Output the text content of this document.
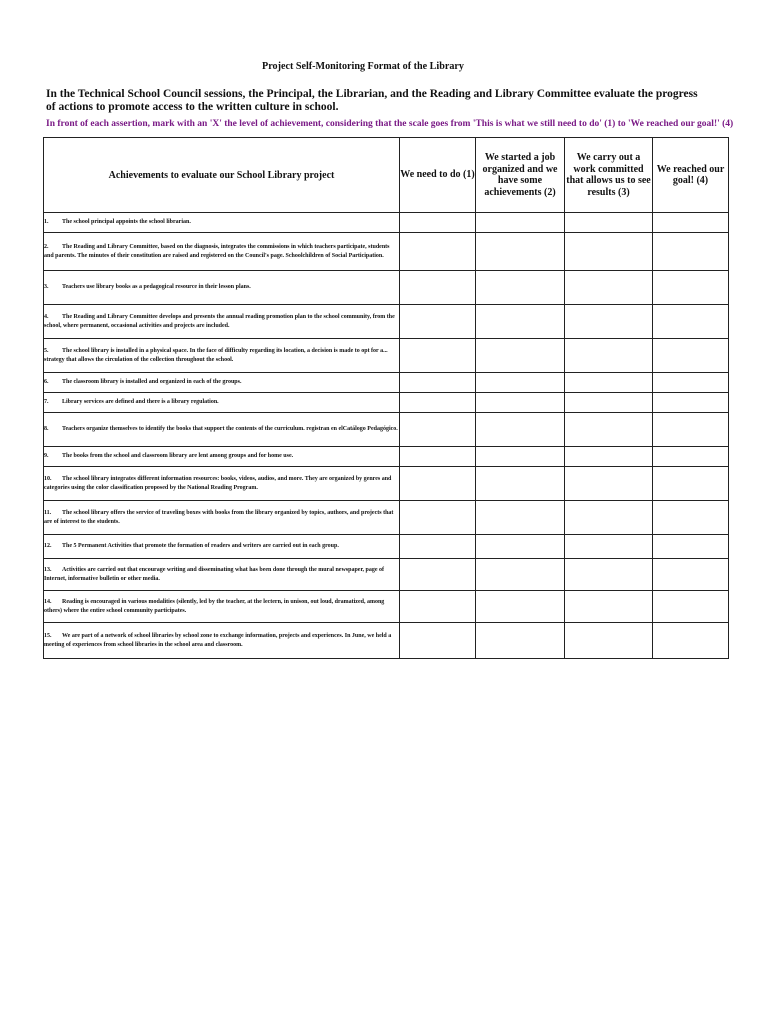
Project Self-Monitoring Format of the Library
In the Technical School Council sessions, the Principal, the Librarian, and the Reading and Library Committee evaluate the progress of actions to promote access to the written culture in school.
In front of each assertion, mark with an 'X' the level of achievement, considering that the scale goes from 'This is what we still need to do' (1) to 'We reached our goal!' (4)
Achievements to evaluate our School Library project	We need to do (1)	We started a job organized and we have some achievements (2)	We carry out a work committed that allows us to see results (3)	We reached our goal! (4)
1. The school principal appoints the school librarian.				
2. The Reading and Library Committee, based on the diagnosis, integrates the commissions in which teachers participate, students and parents. The minutes of their constitution are raised and registered on the Council's page. Schoolchildren of Social Participation.				
3. Teachers use library books as a pedagogical resource in their lesson plans.				
4. The Reading and Library Committee develops and presents the annual reading promotion plan to the school community, from the school, where permanent, occasional activities and projects are included.				
5. The school library is installed in a physical space. In the face of difficulty regarding its location, a decision is made to opt for a... strategy that allows the circulation of the collection throughout the school.				
6. The classroom library is installed and organized in each of the groups.				
7. Library services are defined and there is a library regulation.				
8. Teachers organize themselves to identify the books that support the contents of the curriculum. registran en elCatálogo Pedagógico.				
9. The books from the school and classroom library are lent among groups and for home use.				
10. The school library integrates different information resources: books, videos, audios, and more. They are organized by genres and categories using the color classification proposed by the National Reading Program.				
11. The school library offers the service of traveling boxes with books from the library organized by topics, authors, and projects that are of interest to the students.				
12. The 5 Permanent Activities that promote the formation of readers and writers are carried out in each group.				
13. Activities are carried out that encourage writing and disseminating what has been done through the mural newspaper, page of Internet, informative bulletin or other media.				
14. Reading is encouraged in various modalities (silently, led by the teacher, at the lectern, in unison, out loud, dramatized, among others) where the entire school community participates.				
15. We are part of a network of school libraries by school zone to exchange information, projects and experiences. In June, we held a meeting of experiences from school libraries in the school area and classroom.				
